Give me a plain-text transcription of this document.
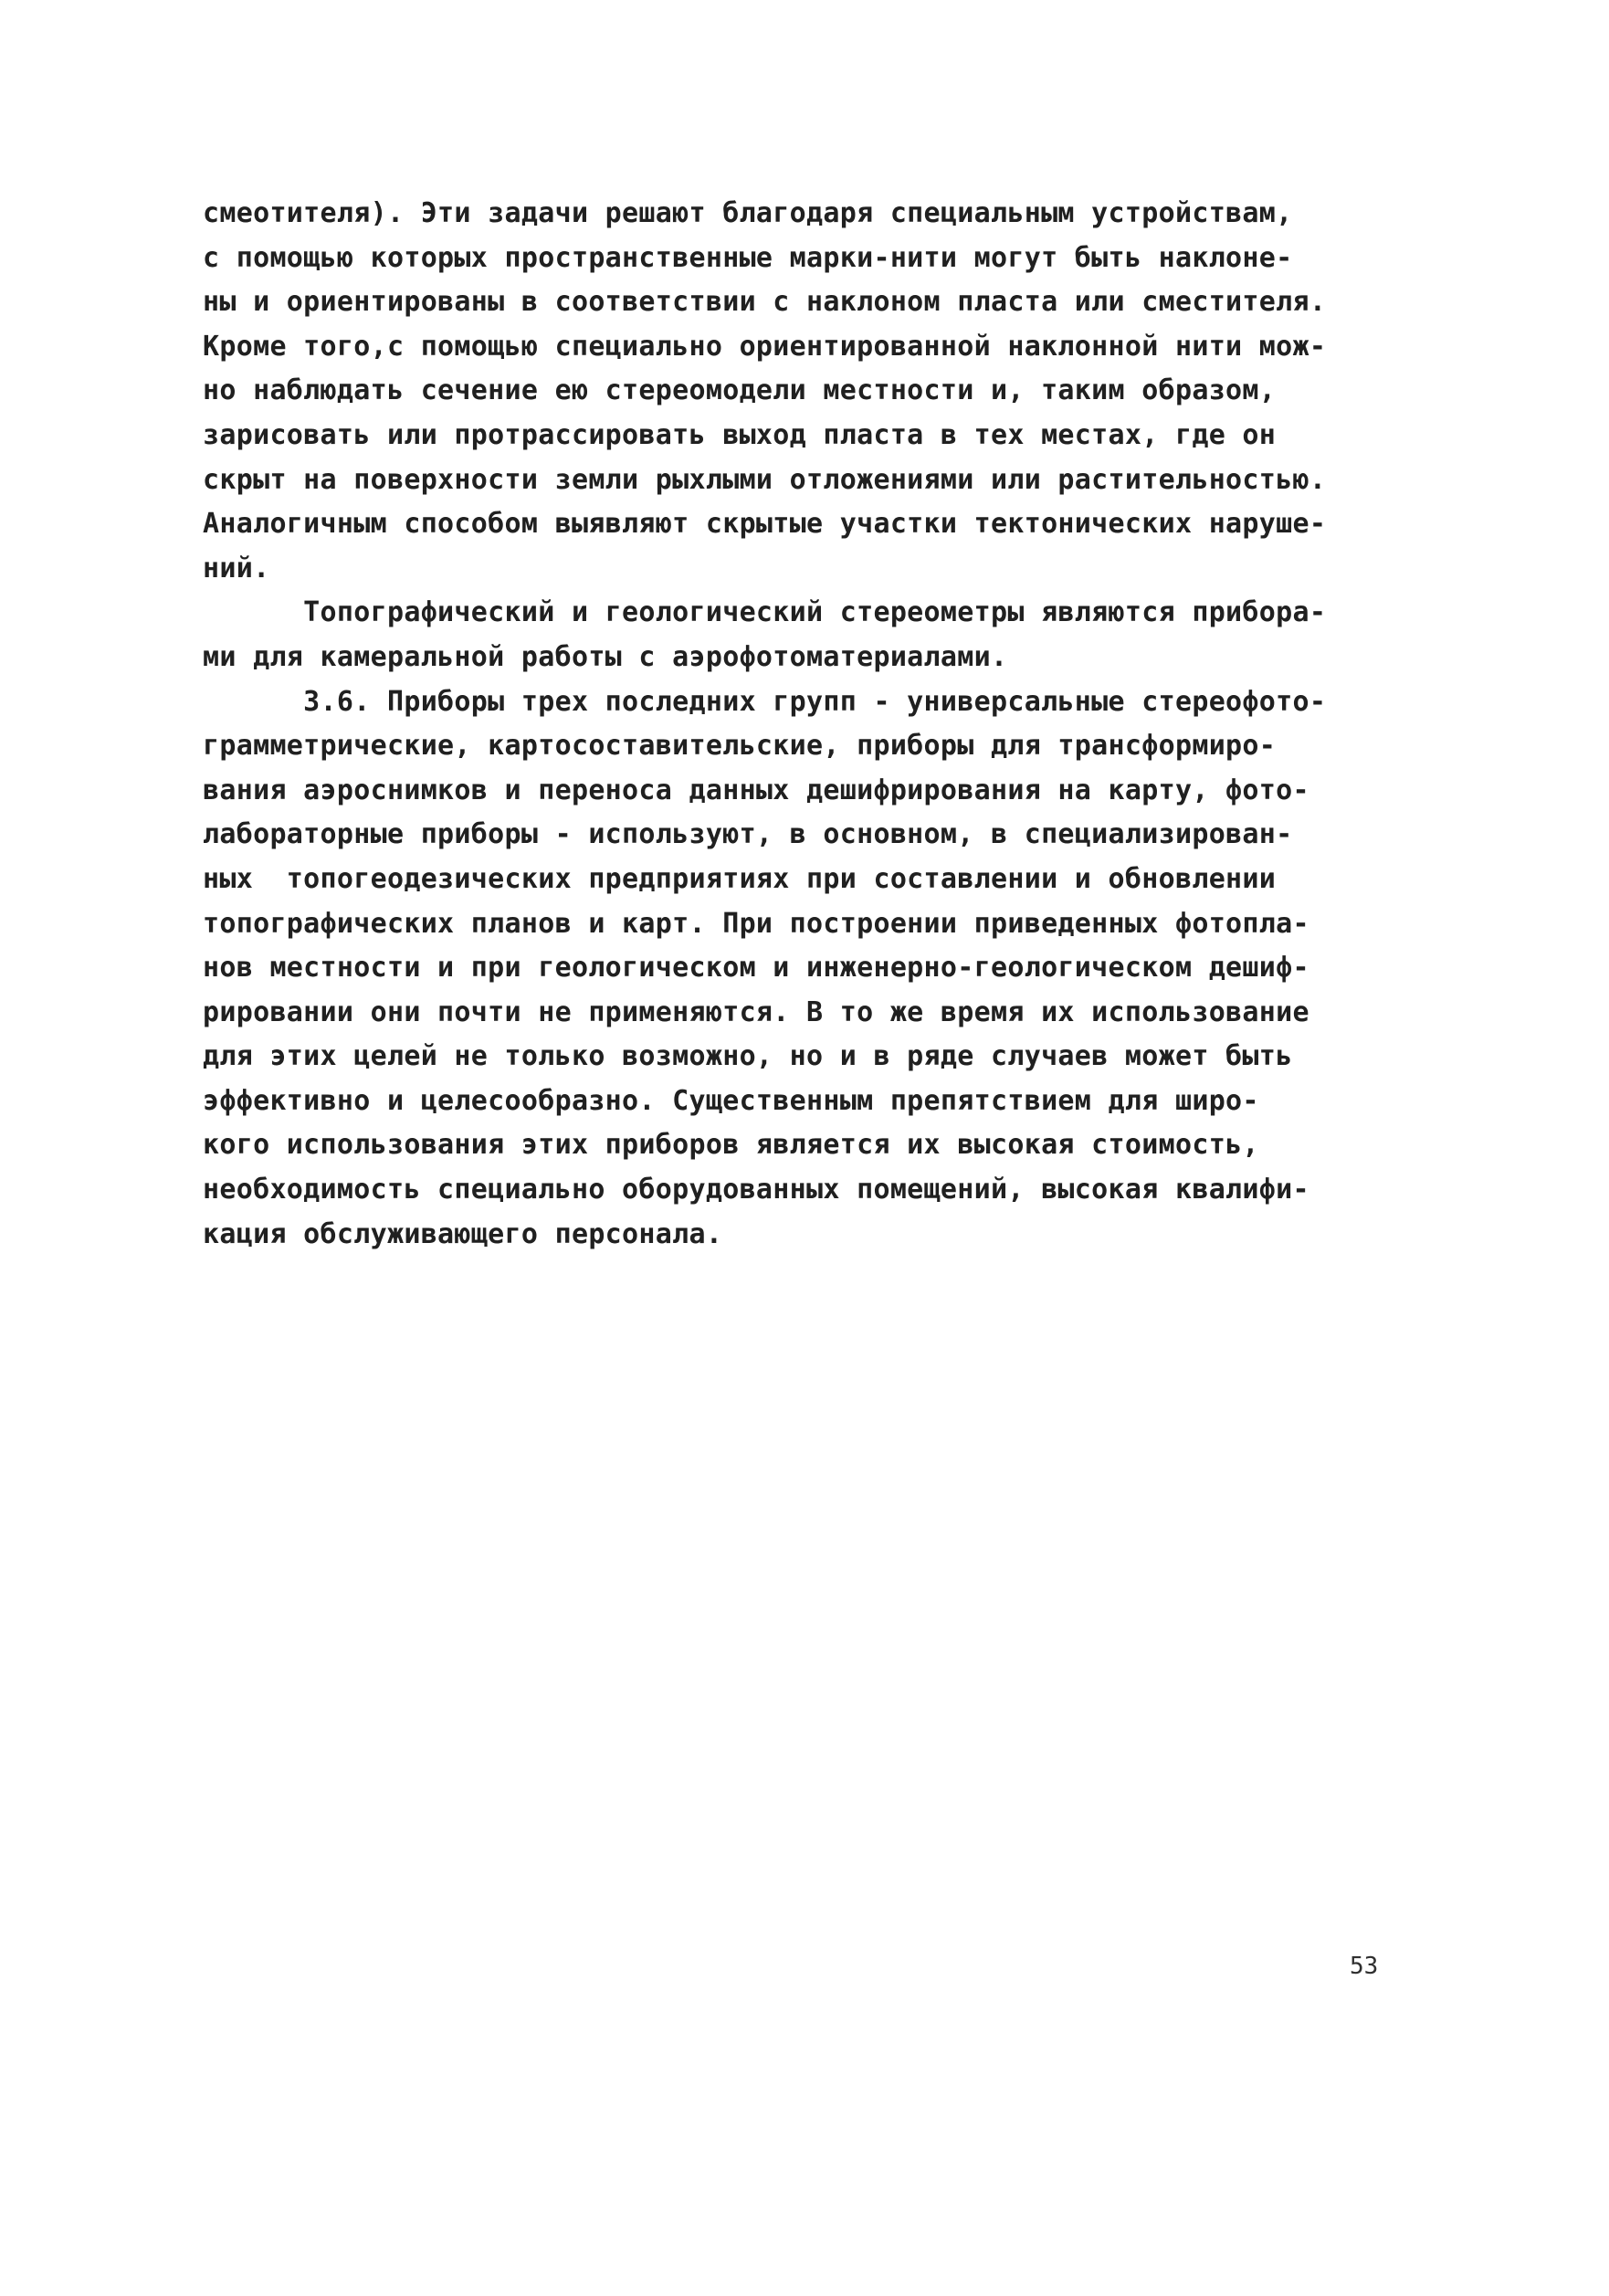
смеотителя). Эти задачи решают благодаря специальным устройствам,
с помощью которых пространственные марки-нити могут быть наклоне-
ны и ориентированы в соответствии с наклоном пласта или сместителя.
Кроме того,с помощью специально ориентированной наклонной нити мож-
но наблюдать сечение ею стереомодели местности и, таким образом,
зарисовать или протрассировать выход пласта в тех местах, где он
скрыт на поверхности земли рыхлыми отложениями или растительностью.
Аналогичным способом выявляют скрытые участки тектонических наруше-
ний.
Топографический и геологический стереометры являются прибора-
ми для камеральной работы с аэрофотоматериалами.
3.6. Приборы трех последних групп - универсальные стереофото-
грамметрические, картосоставительские, приборы для трансформиро-
вания аэроснимков и переноса данных дешифрирования на карту, фото-
лабораторные приборы - используют, в основном, в специализирован-
ных  топогеодезических предприятиях при составлении и обновлении
топографических планов и карт. При построении приведенных фотопла-
нов местности и при геологическом и инженерно-геологическом дешиф-
рировании они почти не применяются. В то же время их использование
для этих целей не только возможно, но и в ряде случаев может быть
эффективно и целесообразно. Существенным препятствием для широ-
кого использования этих приборов является их высокая стоимость,
необходимость специально оборудованных помещений, высокая квалифи-
кация обслуживающего персонала.
53
